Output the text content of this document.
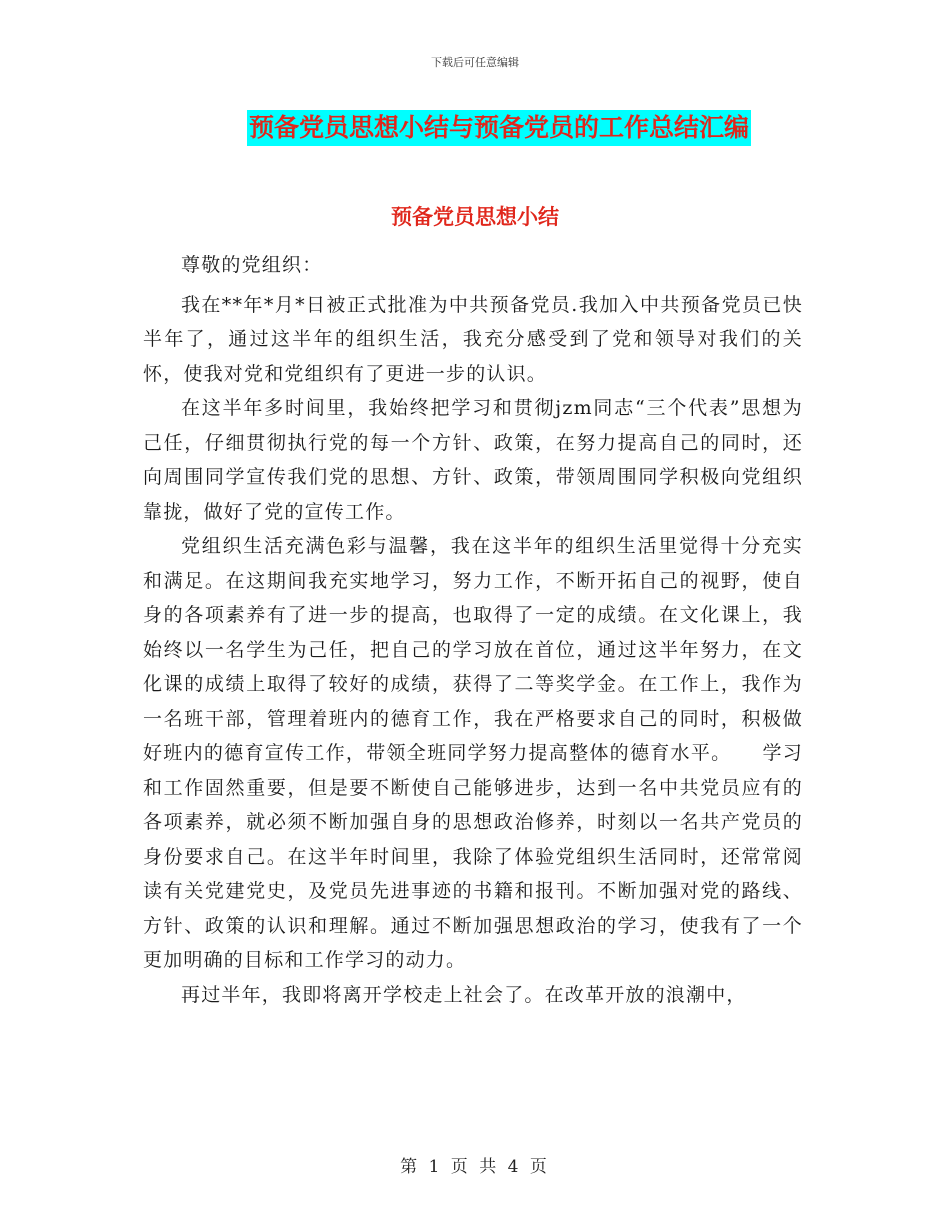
下载后可任意编辑
预备党员思想小结与预备党员的工作总结汇编
预备党员思想小结

尊敬的党组织：

我在**年*月*日被正式批准为中共预备党员.我加入中共预备党员已快半年了，通过这半年的组织生活，我充分感受到了党和领导对我们的关怀，使我对党和党组织有了更进一步的认识。

在这半年多时间里，我始终把学习和贯彻jzm同志“三个代表”思想为己任，仔细贯彻执行党的每一个方针、政策，在努力提高自己的同时，还向周围同学宣传我们党的思想、方针、政策，带领周围同学积极向党组织靠拢，做好了党的宣传工作。

党组织生活充满色彩与温馨，我在这半年的组织生活里觉得十分充实和满足。在这期间我充实地学习，努力工作，不断开拓自己的视野，使自身的各项素养有了进一步的提高，也取得了一定的成绩。在文化课上，我始终以一名学生为己任，把自己的学习放在首位，通过这半年努力，在文化课的成绩上取得了较好的成绩，获得了二等奖学金。在工作上，我作为一名班干部，管理着班内的德育工作，我在严格要求自己的同时，积极做好班内的德育宣传工作，带领全班同学努力提高整体的德育水平。　　学习和工作固然重要，但是要不断使自己能够进步，达到一名中共党员应有的各项素养，就必须不断加强自身的思想政治修养，时刻以一名共产党员的身份要求自己。在这半年时间里，我除了体验党组织生活同时，还常常阅读有关党建党史，及党员先进事迹的书籍和报刊。不断加强对党的路线、方针、政策的认识和理解。通过不断加强思想政治的学习，使我有了一个更加明确的目标和工作学习的动力。

再过半年，我即将离开学校走上社会了。在改革开放的浪潮中，

第 1 页 共 4 页
